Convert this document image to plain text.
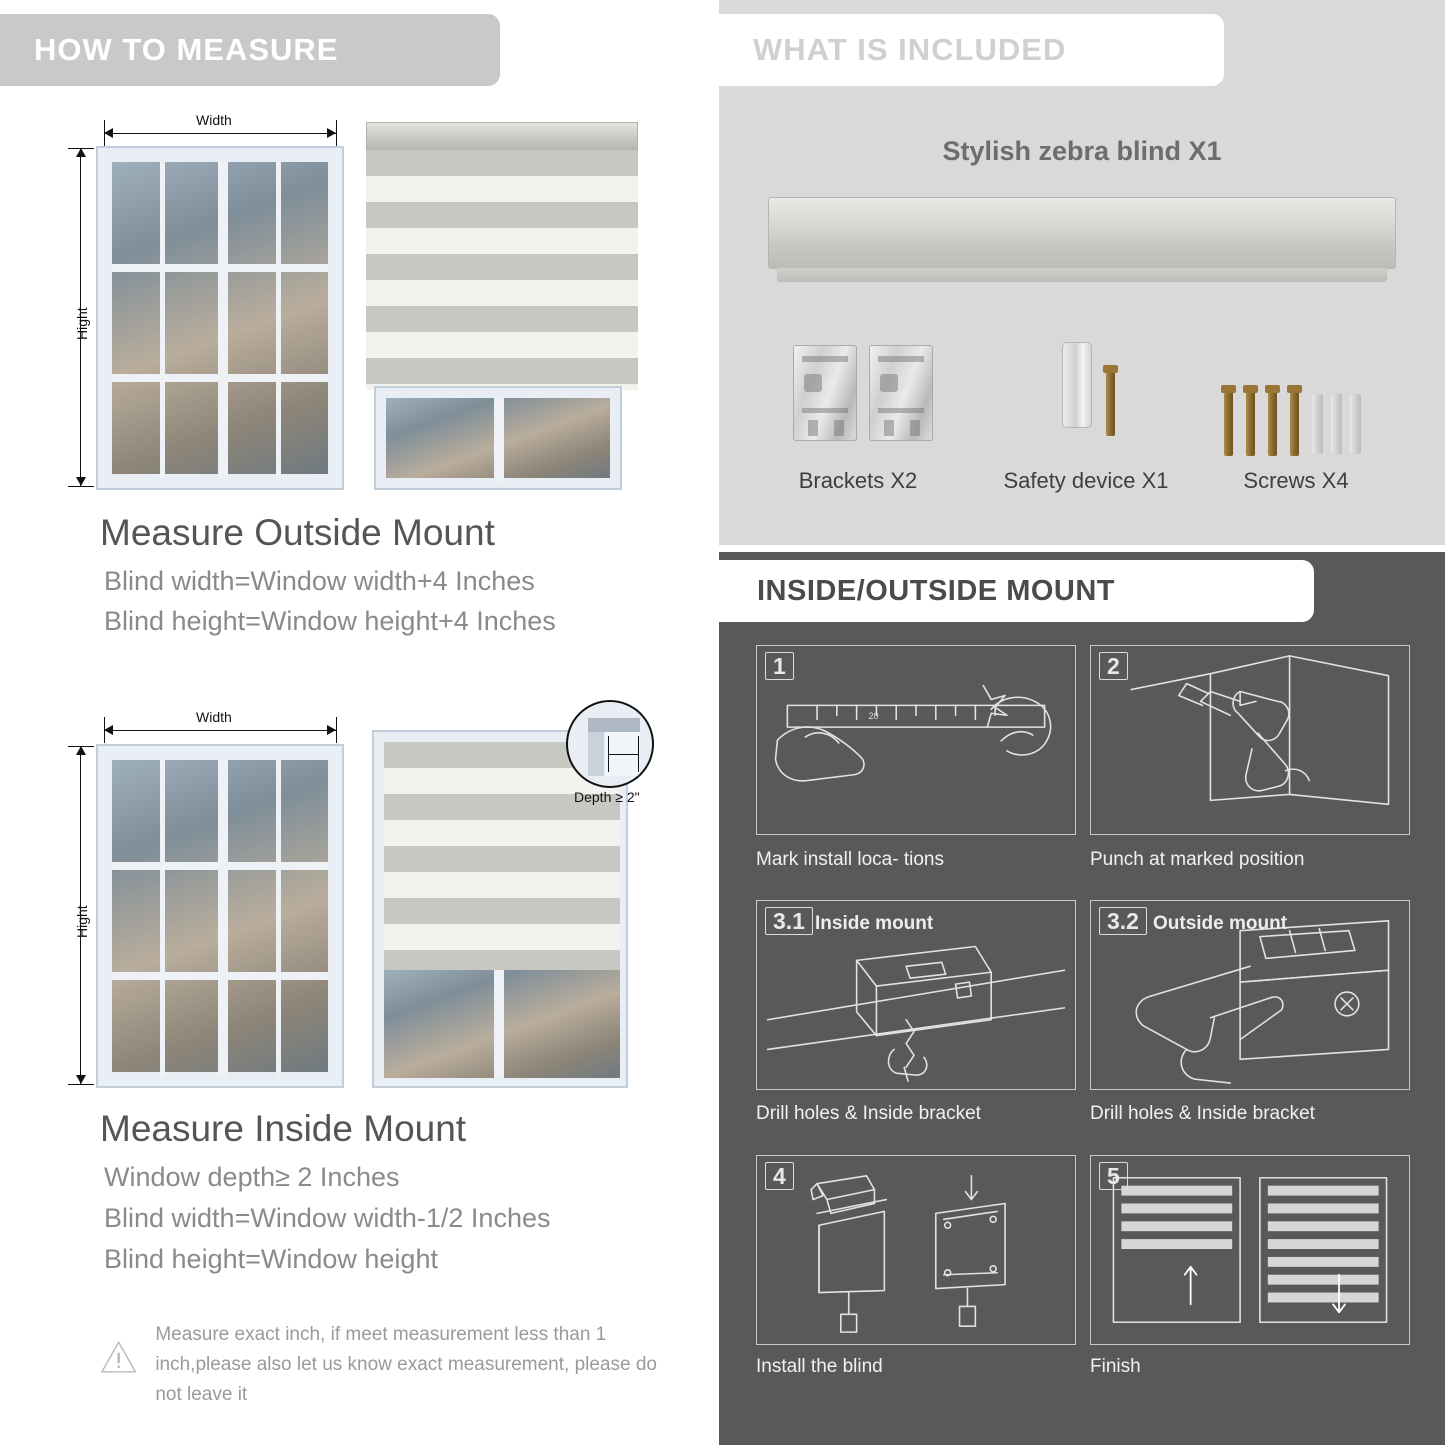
HOW TO MEASURE
Width
Hight
Measure Outside Mount
Blind width=Window width+4 Inches
Blind height=Window height+4 Inches
Width
Hight
Depth ≥ 2"
Measure Inside Mount
Window depth≥ 2 Inches
Blind width=Window width-1/2 Inches
Blind height=Window height
Measure exact inch, if meet measurement less than 1 inch,please also let us know exact measurement, please do not leave it
WHAT IS INCLUDED
Stylish zebra blind X1
Brackets X2	Safety device X1	Screws X4
INSIDE/OUTSIDE MOUNT
20
1
Mark install loca- tions
2
Punch at marked position
3.1 Inside mount
Drill holes & Inside bracket
3.2 Outside mount
Drill holes & Inside bracket
4
Install the blind
5
Finish
